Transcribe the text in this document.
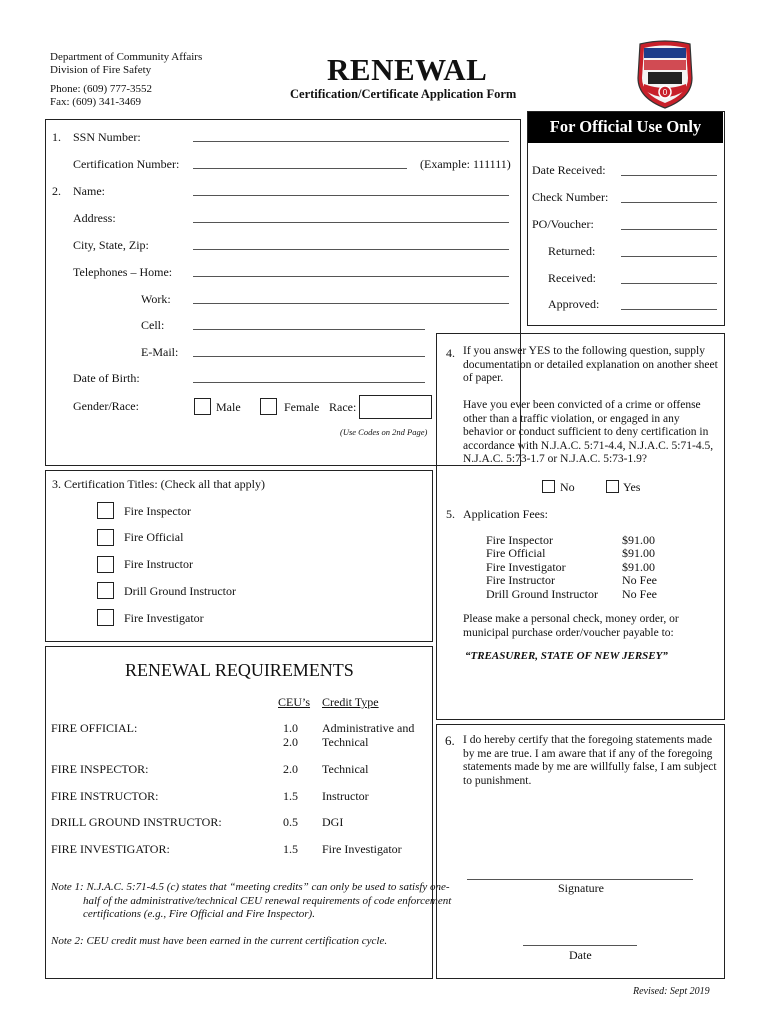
Department of Community Affairs
Division of Fire Safety
Phone: (609) 777-3552
Fax: (609) 341-3469
RENEWAL
Certification/Certificate Application Form	0
1. SSN Number:
Certification Number:	(Example: 111111)
2. Name:
Address:
City, State, Zip:
Telephones – Home:
Work:
Cell:
E-Mail:
Date of Birth:
Gender/Race:	Male	Female Race:
(Use Codes on 2nd Page)
For Official Use Only
Date Received:
Check Number:
PO/Voucher:
Returned:
Received:
Approved:
4. If you answer YES to the following question, supply documentation or detailed explanation on another sheet of paper.
Have you ever been convicted of a crime or offense other than a traffic violation, or engaged in any behavior or conduct sufficient to deny certification in accordance with N.J.A.C. 5:71-4.4, N.J.A.C. 5:71-4.5, N.J.A.C. 5:73-1.7 or N.J.A.C. 5:73-1.9?
No	Yes
5. Application Fees:
Fire Inspector	$91.00
Fire Official	$91.00
Fire Investigator	$91.00
Fire Instructor	No Fee
Drill Ground Instructor No Fee
Please make a personal check, money order, or municipal purchase order/voucher payable to:
“TREASURER, STATE OF NEW JERSEY”
3. Certification Titles: (Check all that apply)
Fire Inspector
Fire Official
Fire Instructor
Drill Ground Instructor
Fire Investigator
RENEWAL REQUIREMENTS
CEU’s Credit Type
FIRE OFFICIAL:	1.0 Administrative and
2.0 Technical
FIRE INSPECTOR:	2.0 Technical
FIRE INSTRUCTOR:	1.5 Instructor
DRILL GROUND INSTRUCTOR:	0.5 DGI
FIRE INVESTIGATOR:	1.5 Fire Investigator
Note 1: N.J.A.C. 5:71-4.5 (c) states that “meeting credits” can only be used to satisfy one-half of the administrative/technical CEU renewal requirements of code enforcement certifications (e.g., Fire Official and Fire Inspector).
Note 2: CEU credit must have been earned in the current certification cycle.
6. I do hereby certify that the foregoing statements made by me are true. I am aware that if any of the foregoing statements made by me are willfully false, I am subject to punishment.
Signature
Date
Revised: Sept 2019
